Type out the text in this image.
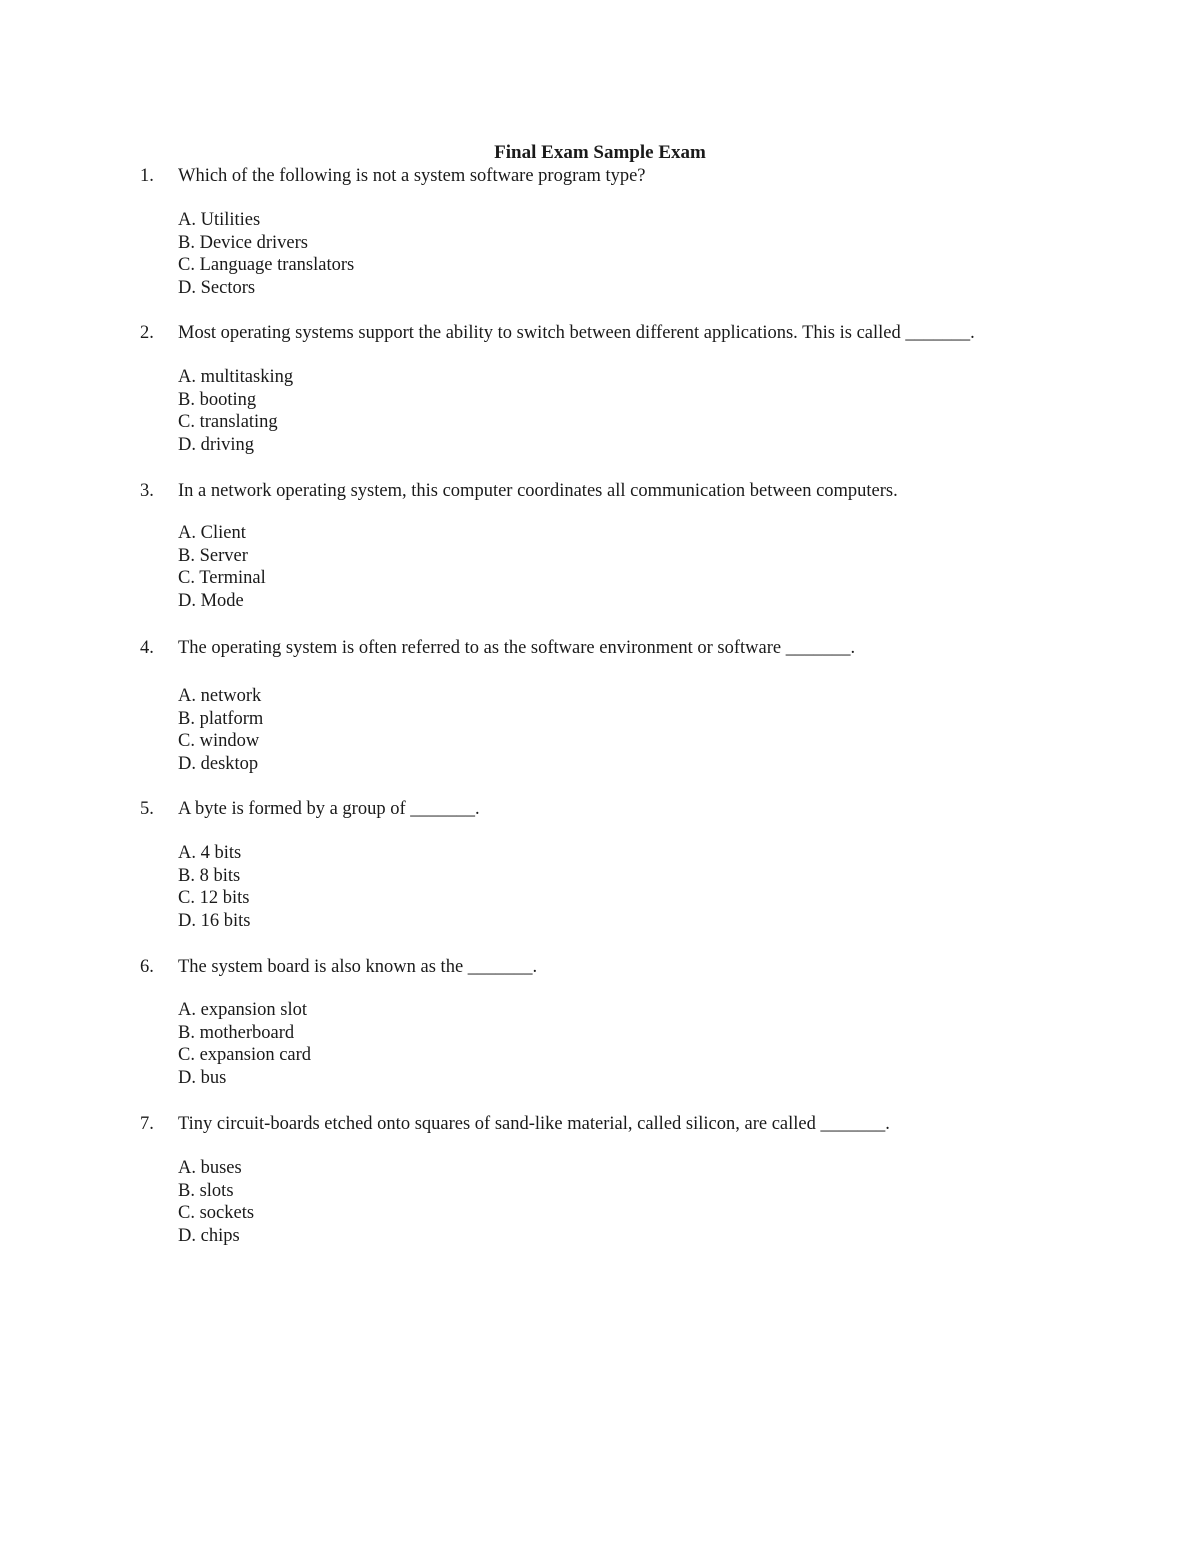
Final Exam Sample Exam
1. Which of the following is not a system software program type?
A. Utilities
B. Device drivers
C. Language translators
D. Sectors
2. Most operating systems support the ability to switch between different applications. This is called _______.
A. multitasking
B. booting
C. translating
D. driving
3. In a network operating system, this computer coordinates all communication between computers.
A. Client
B. Server
C. Terminal
D. Mode
4. The operating system is often referred to as the software environment or software _______.
A. network
B. platform
C. window
D. desktop
5. A byte is formed by a group of _______.
A. 4 bits
B. 8 bits
C. 12 bits
D. 16 bits
6. The system board is also known as the _______.
A. expansion slot
B. motherboard
C. expansion card
D. bus
7. Tiny circuit-boards etched onto squares of sand-like material, called silicon, are called _______.
A. buses
B. slots
C. sockets
D. chips
